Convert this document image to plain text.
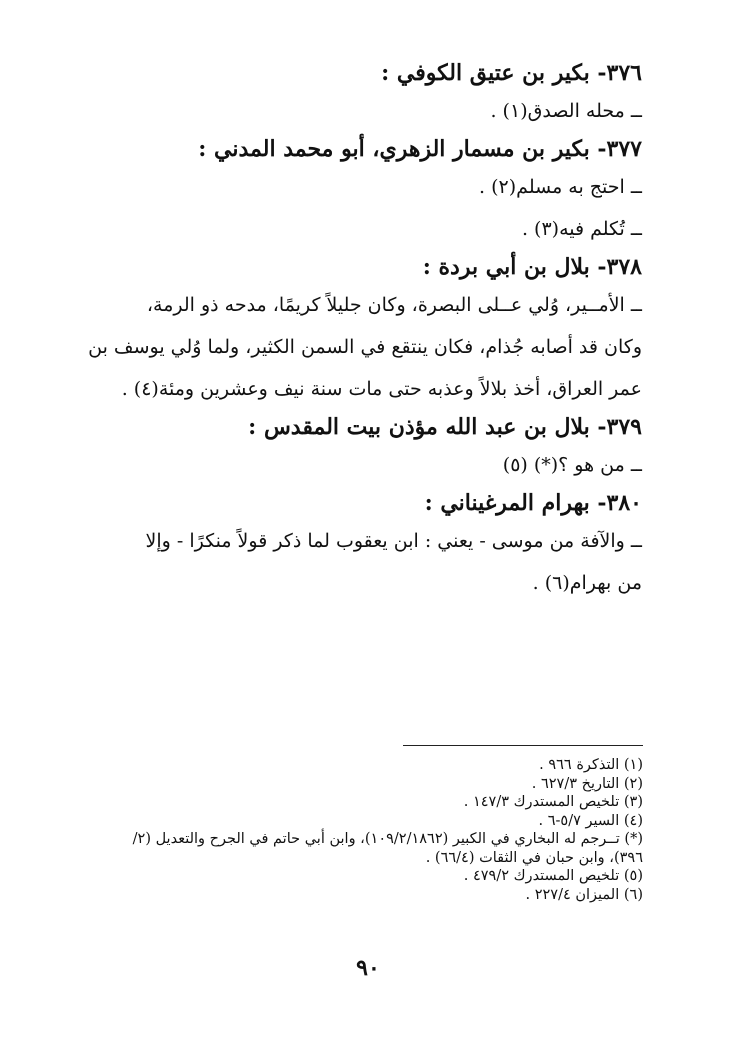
٣٧٦- بكير بن عتيق الكوفي :

ــ محله الصدق(١) .

٣٧٧- بكير بن مسمار الزهري، أبو محمد المدني :

ــ احتج به مسلم(٢) .

ــ تُكلم فيه(٣) .

٣٧٨- بلال بن أبي بردة :

ــ الأمــير، وُلي عــلى البصرة، وكان جليلاً كريمًا، مدحه ذو الرمة،

وكان قد أصابه جُذام، فكان ينتقع في السمن الكثير، ولما وُلي يوسف بن

عمر العراق، أخذ بلالاً وعذبه حتى مات سنة نيف وعشرين ومئة(٤) .

٣٧٩- بلال بن عبد الله مؤذن بيت المقدس :

ــ من هو ؟(*) (٥)

٣٨٠- بهرام المرغيناني :

ــ والآفة من موسى - يعني : ابن يعقوب لما ذكر قولاً منكرًا - وإلا

من بهرام(٦) .

(١) التذكرة ٩٦٦ .

(٢) التاريخ ٦٢٧/٣ .

(٣) تلخيص المستدرك ١٤٧/٣ .

(٤) السير ٥/٧-٦ .

(*) تــرجم له البخاري في الكبير (١٠٩/٢/١٨٦٢)، وابن أبي حاتم في الجرح والتعديل (٢/

٣٩٦)، وابن حبان في الثقات (٦٦/٤) .

(٥) تلخيص المستدرك ٤٧٩/٢ .

(٦) الميزان ٢٢٧/٤ .

٩٠
